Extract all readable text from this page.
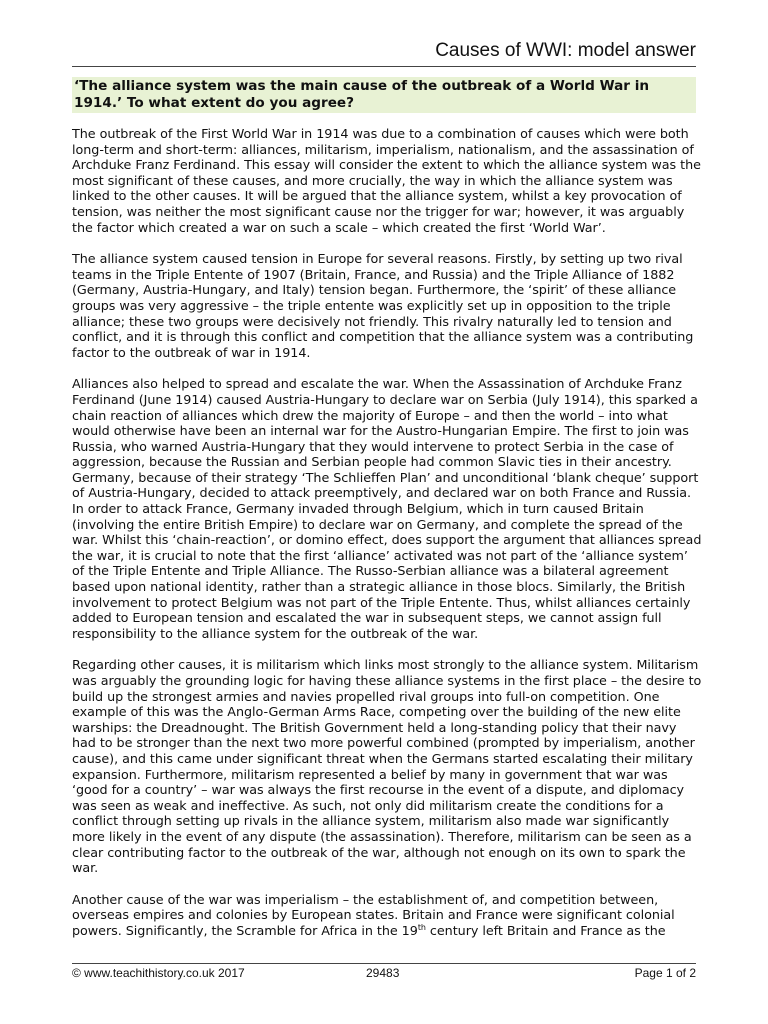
Causes of WWI: model answer
‘The alliance system was the main cause of the outbreak of a World War in 1914.’ To what extent do you agree?

The outbreak of the First World War in 1914 was due to a combination of causes which were both long-term and short-term: alliances, militarism, imperialism, nationalism, and the assassination of Archduke Franz Ferdinand. This essay will consider the extent to which the alliance system was the most significant of these causes, and more crucially, the way in which the alliance system was linked to the other causes. It will be argued that the alliance system, whilst a key provocation of tension, was neither the most significant cause nor the trigger for war; however, it was arguably the factor which created a war on such a scale – which created the first ‘World War’.

The alliance system caused tension in Europe for several reasons. Firstly, by setting up two rival teams in the Triple Entente of 1907 (Britain, France, and Russia) and the Triple Alliance of 1882 (Germany, Austria-Hungary, and Italy) tension began. Furthermore, the ‘spirit’ of these alliance groups was very aggressive – the triple entente was explicitly set up in opposition to the triple alliance; these two groups were decisively not friendly. This rivalry naturally led to tension and conflict, and it is through this conflict and competition that the alliance system was a contributing factor to the outbreak of war in 1914.

Alliances also helped to spread and escalate the war. When the Assassination of Archduke Franz Ferdinand (June 1914) caused Austria-Hungary to declare war on Serbia (July 1914), this sparked a chain reaction of alliances which drew the majority of Europe – and then the world – into what would otherwise have been an internal war for the Austro-Hungarian Empire. The first to join was Russia, who warned Austria-Hungary that they would intervene to protect Serbia in the case of aggression, because the Russian and Serbian people had common Slavic ties in their ancestry. Germany, because of their strategy ‘The Schlieffen Plan’ and unconditional ‘blank cheque’ support of Austria-Hungary, decided to attack preemptively, and declared war on both France and Russia. In order to attack France, Germany invaded through Belgium, which in turn caused Britain (involving the entire British Empire) to declare war on Germany, and complete the spread of the war. Whilst this ‘chain-reaction’, or domino effect, does support the argument that alliances spread the war, it is crucial to note that the first ‘alliance’ activated was not part of the ‘alliance system’ of the Triple Entente and Triple Alliance. The Russo-Serbian alliance was a bilateral agreement based upon national identity, rather than a strategic alliance in those blocs. Similarly, the British involvement to protect Belgium was not part of the Triple Entente. Thus, whilst alliances certainly added to European tension and escalated the war in subsequent steps, we cannot assign full responsibility to the alliance system for the outbreak of the war.

Regarding other causes, it is militarism which links most strongly to the alliance system. Militarism was arguably the grounding logic for having these alliance systems in the first place – the desire to build up the strongest armies and navies propelled rival groups into full-on competition. One example of this was the Anglo-German Arms Race, competing over the building of the new elite warships: the Dreadnought. The British Government held a long-standing policy that their navy had to be stronger than the next two more powerful combined (prompted by imperialism, another cause), and this came under significant threat when the Germans started escalating their military expansion. Furthermore, militarism represented a belief by many in government that war was ‘good for a country’ – war was always the first recourse in the event of a dispute, and diplomacy was seen as weak and ineffective. As such, not only did militarism create the conditions for a conflict through setting up rivals in the alliance system, militarism also made war significantly more likely in the event of any dispute (the assassination). Therefore, militarism can be seen as a clear contributing factor to the outbreak of the war, although not enough on its own to spark the war.

Another cause of the war was imperialism – the establishment of, and competition between, overseas empires and colonies by European states. Britain and France were significant colonial powers. Significantly, the Scramble for Africa in the 19th century left Britain and France as the

© www.teachithistory.co.uk 2017	29483	Page 1 of 2
